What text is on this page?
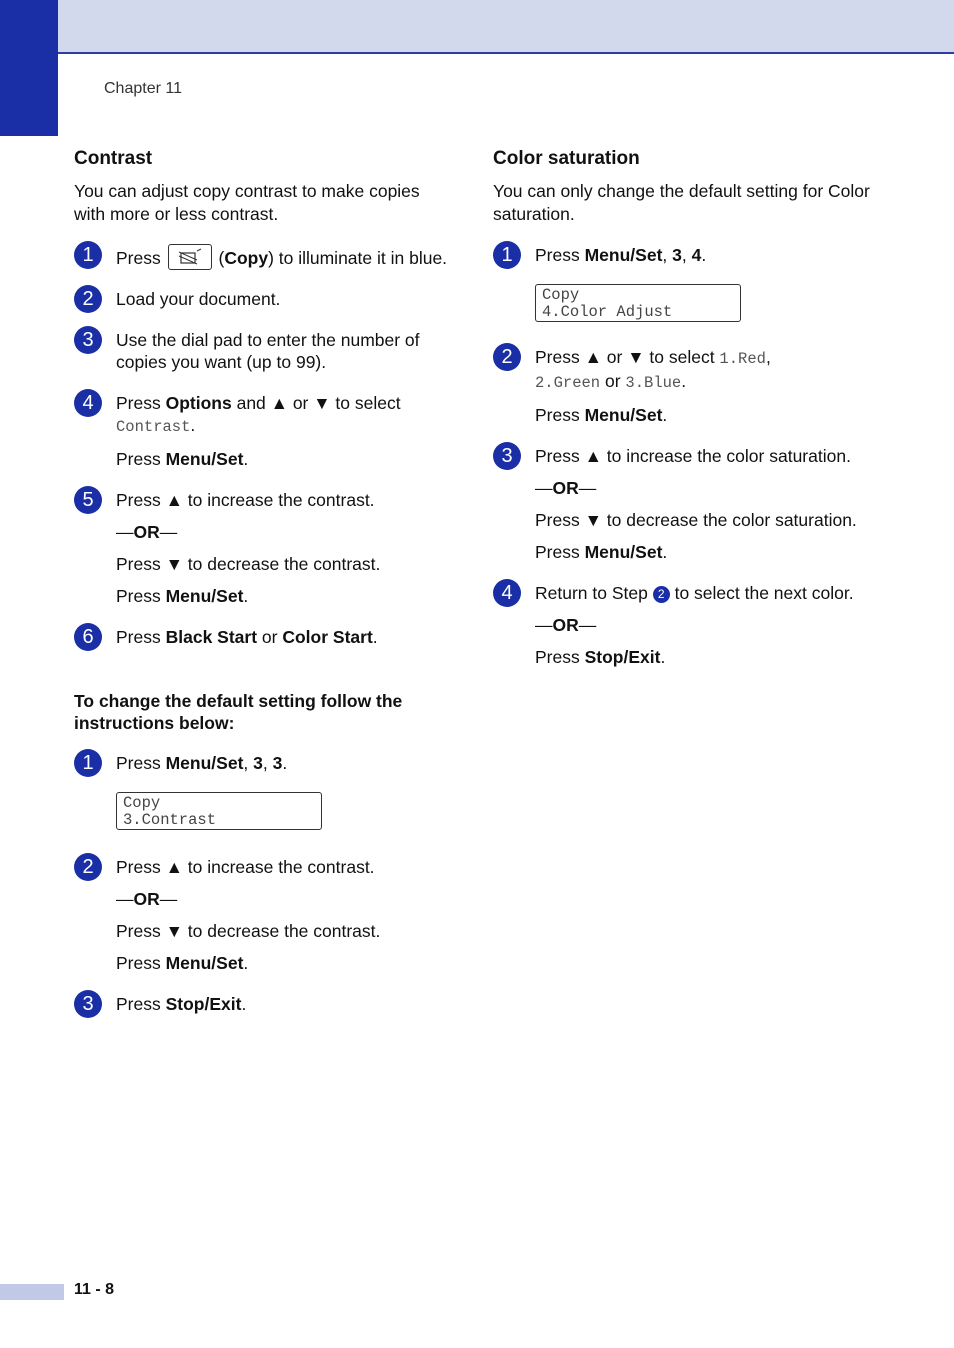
Chapter 11
Contrast

You can adjust copy contrast to make copies with more or less contrast.

1	Press	(Copy) to illuminate it in blue.
2	Load your document.
3	Use the dial pad to enter the number of copies you want (up to 99).
4	Press Options and ▲ or ▼ to select
Contrast.
Press Menu/Set.
5	Press ▲ to increase the contrast.
—OR—
Press ▼ to decrease the contrast.
Press Menu/Set.
6	Press Black Start or Color Start.
To change the default setting follow the instructions below:
1	Press Menu/Set, 3, 3.
Copy
3.Contrast
2	Press ▲ to increase the contrast.
—OR—
Press ▼ to decrease the contrast.
Press Menu/Set.
3	Press Stop/Exit.
Color saturation

You can only change the default setting for Color saturation.

1	Press Menu/Set, 3, 4.
Copy
4.Color Adjust
2	Press ▲ or ▼ to select 1.Red,
2.Green or 3.Blue.
Press Menu/Set.
3	Press ▲ to increase the color saturation.
—OR—
Press ▼ to decrease the color saturation.
Press Menu/Set.
4	Return to Step 2 to select the next color.
—OR—
Press Stop/Exit.
11 - 8
